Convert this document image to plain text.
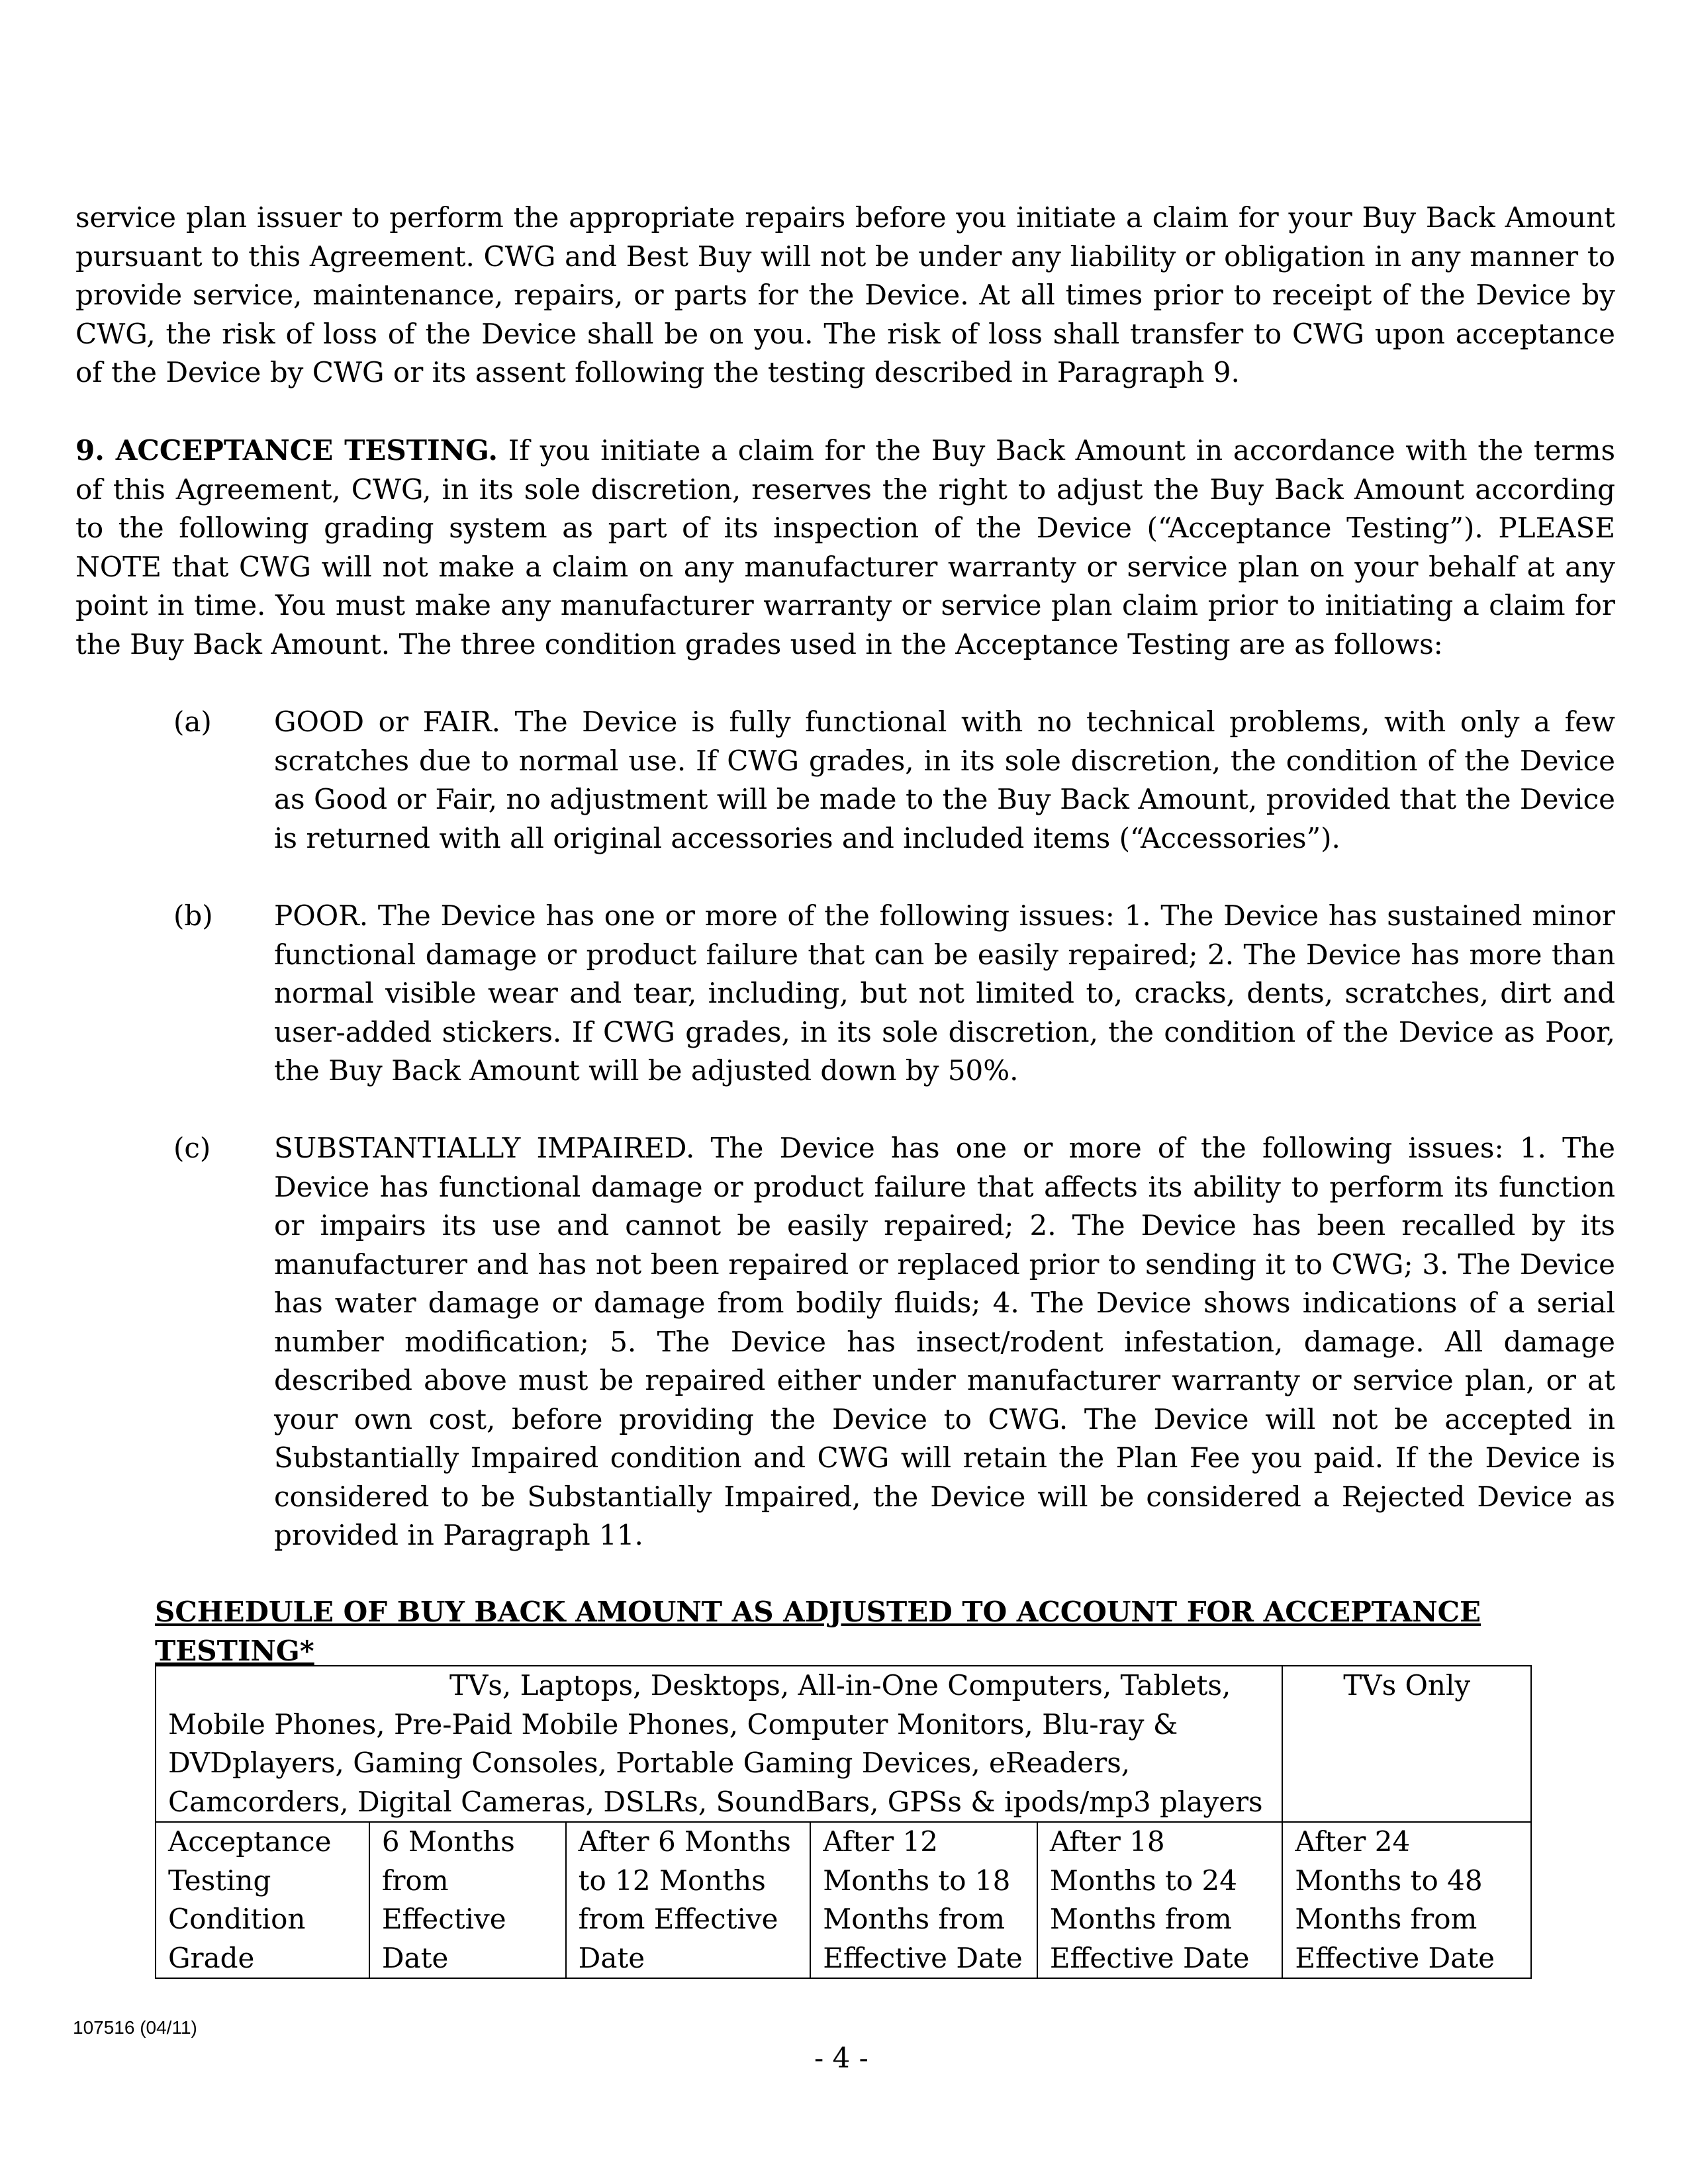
service plan issuer to perform the appropriate repairs before you initiate a claim for your Buy Back Amount pursuant to this Agreement. CWG and Best Buy will not be under any liability or obligation in any manner to provide service, maintenance, repairs, or parts for the Device. At all times prior to receipt of the Device by CWG, the risk of loss of the Device shall be on you. The risk of loss shall transfer to CWG upon acceptance of the Device by CWG or its assent following the testing described in Paragraph 9.
9. ACCEPTANCE TESTING. If you initiate a claim for the Buy Back Amount in accordance with the terms of this Agreement, CWG, in its sole discretion, reserves the right to adjust the Buy Back Amount according to the following grading system as part of its inspection of the Device (“Acceptance Testing”). PLEASE NOTE that CWG will not make a claim on any manufacturer warranty or service plan on your behalf at any point in time. You must make any manufacturer warranty or service plan claim prior to initiating a claim for the Buy Back Amount. The three condition grades used in the Acceptance Testing are as follows:
(a) GOOD or FAIR. The Device is fully functional with no technical problems, with only a few scratches due to normal use. If CWG grades, in its sole discretion, the condition of the Device as Good or Fair, no adjustment will be made to the Buy Back Amount, provided that the Device is returned with all original accessories and included items (“Accessories”).
(b) POOR. The Device has one or more of the following issues: 1. The Device has sustained minor functional damage or product failure that can be easily repaired; 2. The Device has more than normal visible wear and tear, including, but not limited to, cracks, dents, scratches, dirt and user-added stickers. If CWG grades, in its sole discretion, the condition of the Device as Poor, the Buy Back Amount will be adjusted down by 50%.
(c) SUBSTANTIALLY IMPAIRED. The Device has one or more of the following issues: 1. The Device has functional damage or product failure that affects its ability to perform its function or impairs its use and cannot be easily repaired; 2. The Device has been recalled by its manufacturer and has not been repaired or replaced prior to sending it to CWG; 3. The Device has water damage or damage from bodily fluids; 4. The Device shows indications of a serial number modification; 5. The Device has insect/rodent infestation, damage. All damage described above must be repaired either under manufacturer warranty or service plan, or at your own cost, before providing the Device to CWG. The Device will not be accepted in Substantially Impaired condition and CWG will retain the Plan Fee you paid. If the Device is considered to be Substantially Impaired, the Device will be considered a Rejected Device as provided in Paragraph 11.
SCHEDULE OF BUY BACK AMOUNT AS ADJUSTED TO ACCOUNT FOR ACCEPTANCE TESTING*
TVs, Laptops, Desktops, All-in-One Computers, Tablets,
Mobile Phones, Pre-Paid Mobile Phones, Computer Monitors, Blu-ray & DVDplayers, Gaming Consoles, Portable Gaming Devices, eReaders, Camcorders, Digital Cameras, DSLRs, SoundBars, GPSs & ipods/mp3 players					TVs Only
Acceptance Testing Condition Grade	6 Months from Effective Date	After 6 Months to 12 Months from Effective Date	After 12 Months to 18 Months from Effective Date	After 18 Months to 24 Months from Effective Date	After 24 Months to 48 Months from Effective Date
107516 (04/11)
- 4 -
